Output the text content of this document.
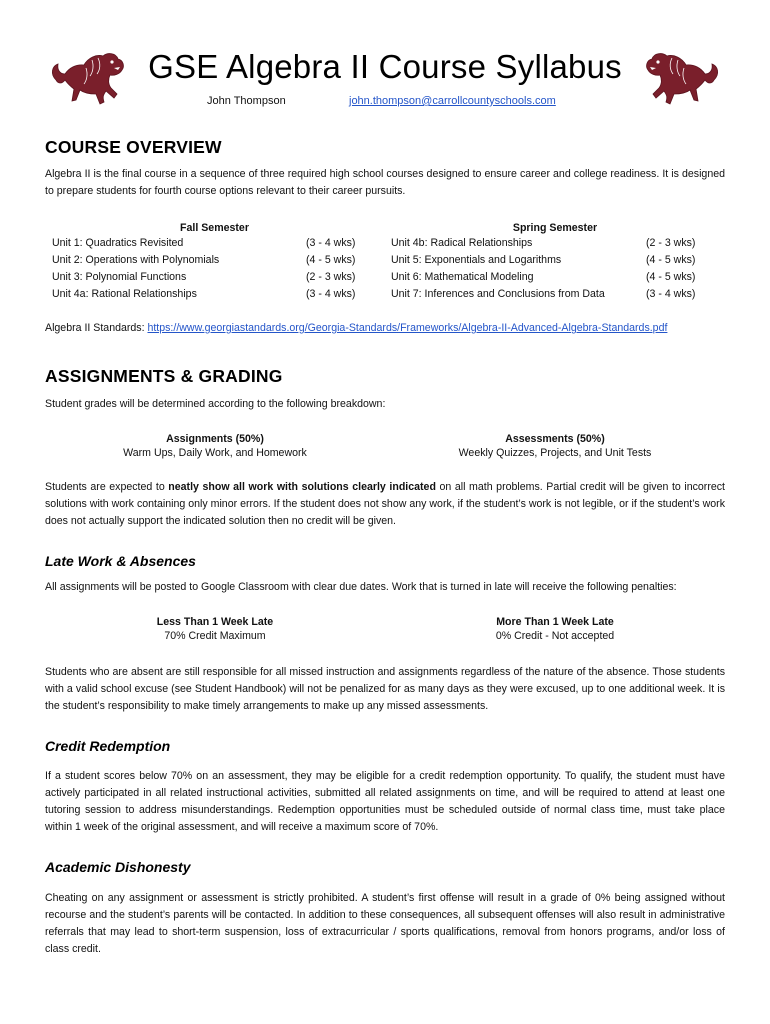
GSE Algebra II Course Syllabus
John Thompson	john.thompson@carrollcountyschools.com
COURSE OVERVIEW

Algebra II is the final course in a sequence of three required high school courses designed to ensure career and college readiness. It is designed to prepare students for fourth course options relevant to their career pursuits.

Fall Semester
Unit 1: Quadratics Revisited
Unit 2: Operations with Polynomials
Unit 3: Polynomial Functions
Unit 4a: Rational Relationships
(3 - 4 wks)
(4 - 5 wks)
(2 - 3 wks)
(3 - 4 wks)
Spring Semester
Unit 4b: Radical Relationships
Unit 5: Exponentials and Logarithms
Unit 6: Mathematical Modeling
Unit 7: Inferences and Conclusions from Data
(2 - 3 wks)
(4 - 5 wks)
(4 - 5 wks)
(3 - 4 wks)
Algebra II Standards: https://www.georgiastandards.org/Georgia-Standards/Frameworks/Algebra-II-Advanced-Algebra-Standards.pdf
ASSIGNMENTS & GRADING
Student grades will be determined according to the following breakdown:
Assignments (50%)
Warm Ups, Daily Work, and Homework
Assessments (50%)
Weekly Quizzes, Projects, and Unit Tests

Students are expected to neatly show all work with solutions clearly indicated on all math problems. Partial credit will be given to incorrect solutions with work containing only minor errors. If the student does not show any work, if the student’s work is not legible, or if the student’s work does not actually support the indicated solution then no credit will be given.

Late Work & Absences
All assignments will be posted to Google Classroom with clear due dates. Work that is turned in late will receive the following penalties:
Less Than 1 Week Late
70% Credit Maximum
More Than 1 Week Late
0% Credit - Not accepted

Students who are absent are still responsible for all missed instruction and assignments regardless of the nature of the absence. Those students with a valid school excuse (see Student Handbook) will not be penalized for as many days as they were excused, up to one additional week. It is the student’s responsibility to make timely arrangements to make up any missed assessments.

Credit Redemption

If a student scores below 70% on an assessment, they may be eligible for a credit redemption opportunity. To qualify, the student must have actively participated in all related instructional activities, submitted all related assignments on time, and will be required to attend at least one tutoring session to address misunderstandings. Redemption opportunities must be scheduled outside of normal class time, must take place within 1 week of the original assessment, and will receive a maximum score of 70%.

Academic Dishonesty

Cheating on any assignment or assessment is strictly prohibited. A student’s first offense will result in a grade of 0% being assigned without recourse and the student’s parents will be contacted. In addition to these consequences, all subsequent offenses will also result in administrative referrals that may lead to short-term suspension, loss of extracurricular / sports qualifications, removal from honors programs, and/or loss of class credit.
